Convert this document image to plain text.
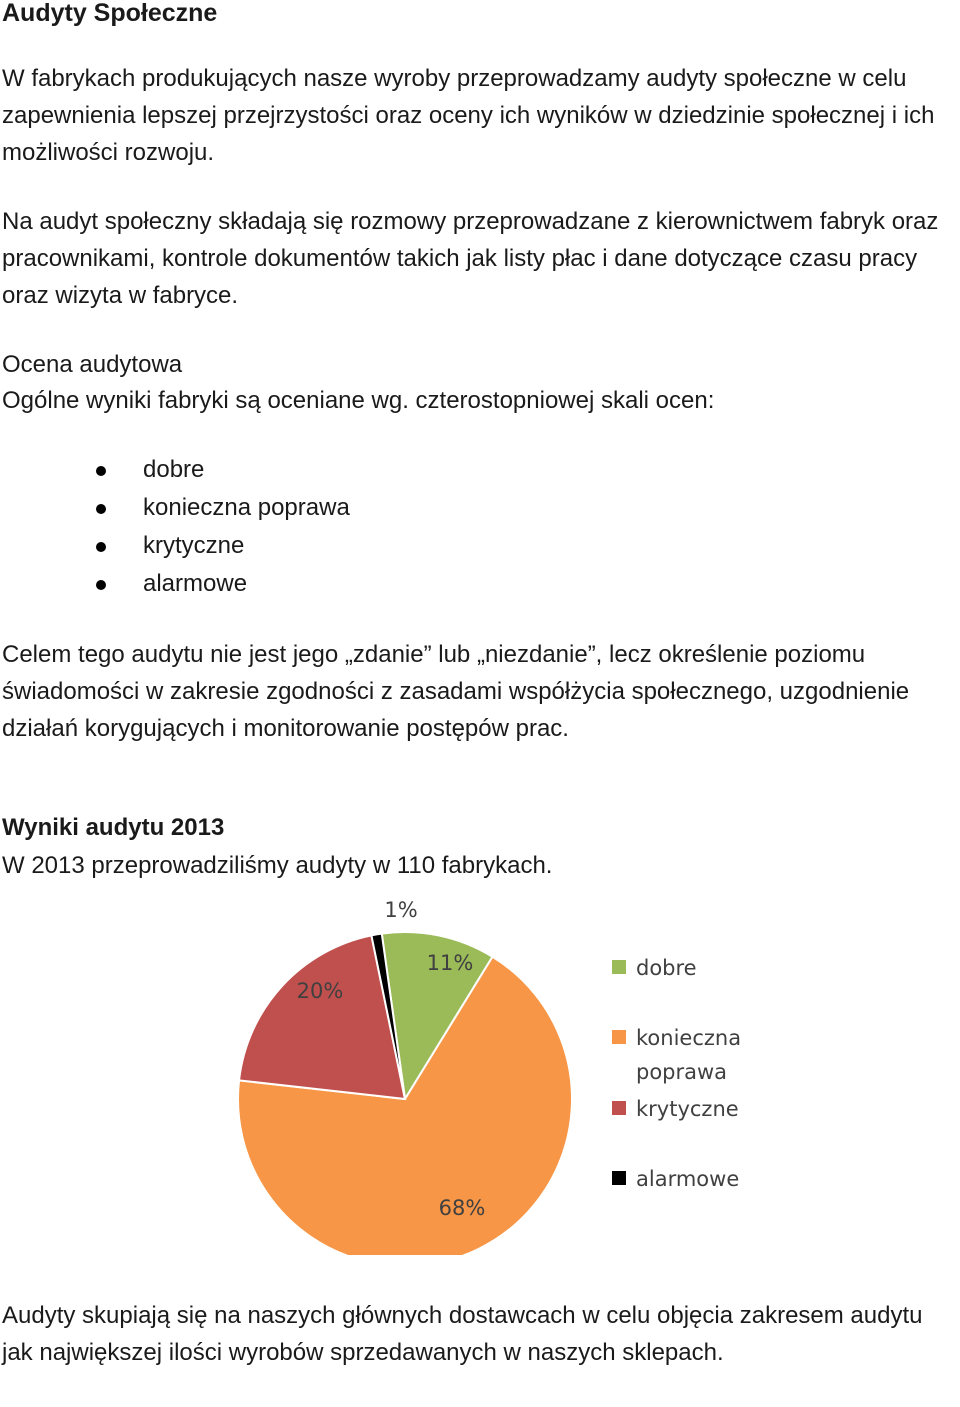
Audyty Społeczne

W fabrykach produkujących nasze wyroby przeprowadzamy audyty społeczne w celu zapewnienia lepszej przejrzystości oraz oceny ich wyników w dziedzinie społecznej i ich możliwości rozwoju.

Na audyt społeczny składają się rozmowy przeprowadzane z kierownictwem fabryk oraz pracownikami, kontrole dokumentów takich jak listy płac i dane dotyczące czasu pracy oraz wizyta w fabryce.

Ocena audytowa

Ogólne wyniki fabryki są oceniane wg. czterostopniowej skali ocen:

dobre
konieczna poprawa
krytyczne
alarmowe

Celem tego audytu nie jest jego „zdanie” lub „niezdanie”, lecz określenie poziomu świadomości w zakresie zgodności z zasadami współżycia społecznego, uzgodnienie działań korygujących i monitorowanie postępów prac.

Wyniki audytu 2013

W 2013 przeprowadziliśmy audyty w 110 fabrykach.

11%
68%
20%
1%
dobre
konieczna
poprawa
krytyczne
alarmowe

Audyty skupiają się na naszych głównych dostawcach w celu objęcia zakresem audytu jak największej ilości wyrobów sprzedawanych w naszych sklepach.
